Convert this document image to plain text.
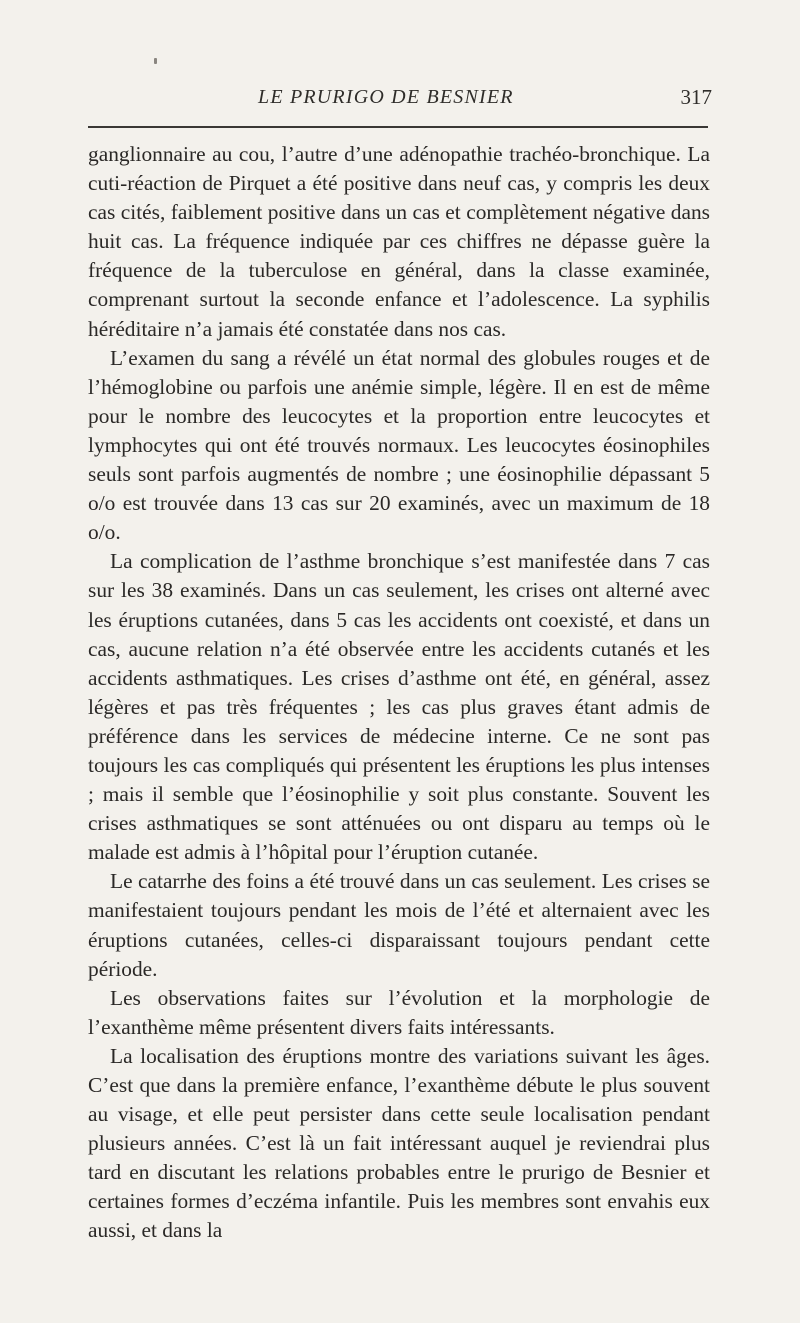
LE PRURIGO DE BESNIER	317

ganglionnaire au cou, l’autre d’une adénopathie trachéo-bronchique. La cuti-réaction de Pirquet a été positive dans neuf cas, y compris les deux cas cités, faiblement positive dans un cas et complètement négative dans huit cas. La fréquence indiquée par ces chiffres ne dépasse guère la fréquence de la tuberculose en général, dans la classe examinée, comprenant surtout la seconde enfance et l’adolescence. La syphilis héréditaire n’a jamais été constatée dans nos cas.

L’examen du sang a révélé un état normal des globules rouges et de l’hémoglobine ou parfois une anémie simple, légère. Il en est de même pour le nombre des leucocytes et la proportion entre leucocytes et lymphocytes qui ont été trouvés normaux. Les leucocytes éosinophiles seuls sont parfois augmentés de nombre ; une éosinophilie dépassant 5 o/o est trouvée dans 13 cas sur 20 examinés, avec un maximum de 18 o/o.

La complication de l’asthme bronchique s’est manifestée dans 7 cas sur les 38 examinés. Dans un cas seulement, les crises ont alterné avec les éruptions cutanées, dans 5 cas les accidents ont coexisté, et dans un cas, aucune relation n’a été observée entre les accidents cutanés et les accidents asthmatiques. Les crises d’asthme ont été, en général, assez légères et pas très fréquentes ; les cas plus graves étant admis de préférence dans les services de médecine interne. Ce ne sont pas toujours les cas compliqués qui présentent les éruptions les plus intenses ; mais il semble que l’éosinophilie y soit plus constante. Souvent les crises asthmatiques se sont atténuées ou ont disparu au temps où le malade est admis à l’hôpital pour l’éruption cutanée.

Le catarrhe des foins a été trouvé dans un cas seulement. Les crises se manifestaient toujours pendant les mois de l’été et alternaient avec les éruptions cutanées, celles-ci disparaissant toujours pendant cette période.

Les observations faites sur l’évolution et la morphologie de l’exanthème même présentent divers faits intéressants.

La localisation des éruptions montre des variations suivant les âges. C’est que dans la première enfance, l’exanthème débute le plus souvent au visage, et elle peut persister dans cette seule localisation pendant plusieurs années. C’est là un fait intéressant auquel je reviendrai plus tard en discutant les relations probables entre le prurigo de Besnier et certaines formes d’eczéma infantile. Puis les membres sont envahis eux aussi, et dans la
